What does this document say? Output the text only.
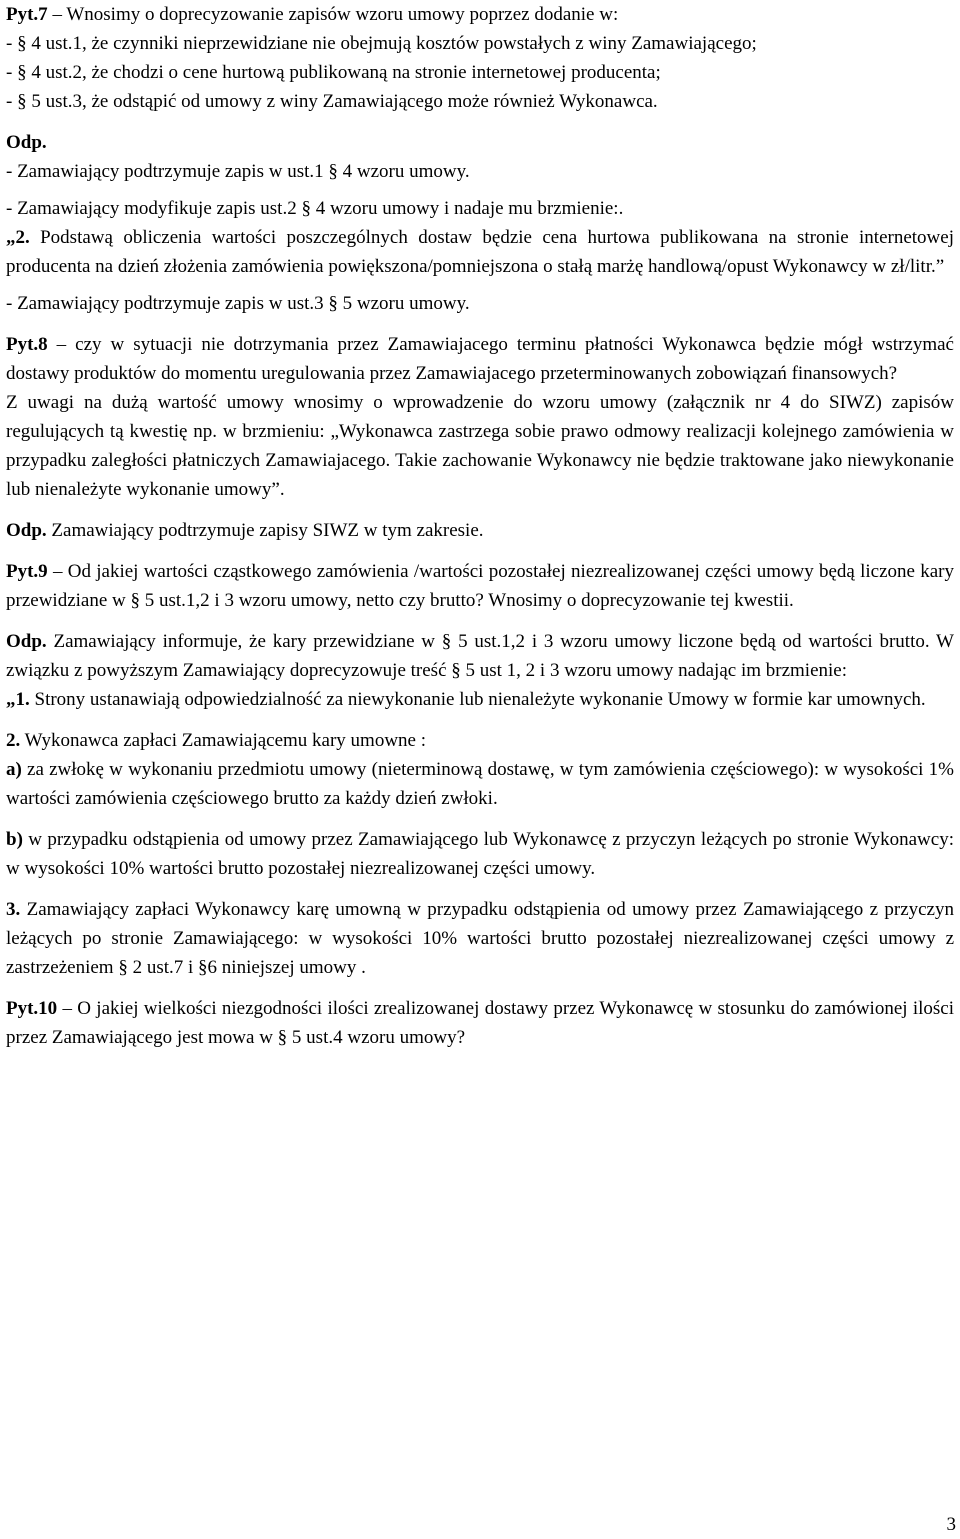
Pyt.7 – Wnosimy o doprecyzowanie zapisów wzoru umowy poprzez dodanie w:

- § 4 ust.1, że czynniki nieprzewidziane nie obejmują kosztów powstałych z winy Zamawiającego;

- § 4 ust.2, że chodzi o cene hurtową publikowaną na stronie internetowej producenta;

- § 5 ust.3, że odstąpić od umowy z winy Zamawiającego może również Wykonawca.

Odp.

- Zamawiający podtrzymuje zapis w ust.1 § 4 wzoru umowy.

- Zamawiający modyfikuje zapis ust.2 § 4 wzoru umowy i nadaje mu brzmienie:.

„2. Podstawą obliczenia wartości poszczególnych dostaw będzie cena hurtowa publikowana na stronie internetowej producenta na dzień złożenia zamówienia powiększona/pomniejszona o stałą marżę handlową/opust Wykonawcy w zł/litr.”

- Zamawiający podtrzymuje zapis w ust.3 § 5 wzoru umowy.

Pyt.8 – czy w sytuacji nie dotrzymania przez Zamawiajacego terminu płatności Wykonawca będzie mógł wstrzymać dostawy produktów do momentu uregulowania przez Zamawiajacego przeterminowanych zobowiązań finansowych?

Z uwagi na dużą wartość umowy wnosimy o wprowadzenie do wzoru umowy (załącznik nr 4 do SIWZ) zapisów regulujących tą kwestię np. w brzmieniu: „Wykonawca zastrzega sobie prawo odmowy realizacji kolejnego zamówienia w przypadku zaległości płatniczych Zamawiajacego. Takie zachowanie Wykonawcy nie będzie traktowane jako niewykonanie lub nienależyte wykonanie umowy”.

Odp. Zamawiający podtrzymuje zapisy SIWZ w tym zakresie.

Pyt.9 – Od jakiej wartości cząstkowego zamówienia /wartości pozostałej niezrealizowanej części umowy będą liczone kary przewidziane w § 5 ust.1,2 i 3 wzoru umowy, netto czy brutto? Wnosimy o doprecyzowanie tej kwestii.

Odp. Zamawiający informuje, że kary przewidziane w § 5 ust.1,2 i 3 wzoru umowy liczone będą od wartości brutto. W związku z powyższym Zamawiający doprecyzowuje treść § 5 ust 1, 2 i 3 wzoru umowy nadając im brzmienie:

„1. Strony ustanawiają odpowiedzialność za niewykonanie lub nienależyte wykonanie Umowy w formie kar umownych.

2. Wykonawca zapłaci Zamawiającemu kary umowne :

a) za zwłokę w wykonaniu przedmiotu umowy (nieterminową dostawę, w tym zamówienia częściowego): w wysokości 1% wartości zamówienia częściowego brutto za każdy dzień zwłoki.

b) w przypadku odstąpienia od umowy przez Zamawiającego lub Wykonawcę z przyczyn leżących po stronie Wykonawcy: w wysokości 10% wartości brutto pozostałej niezrealizowanej części umowy.

3. Zamawiający zapłaci Wykonawcy karę umowną w przypadku odstąpienia od umowy przez Zamawiającego z przyczyn leżących po stronie Zamawiającego: w wysokości 10% wartości brutto pozostałej niezrealizowanej części umowy z zastrzeżeniem § 2 ust.7 i §6 niniejszej umowy .

Pyt.10 – O jakiej wielkości niezgodności ilości zrealizowanej dostawy przez Wykonawcę w stosunku do zamówionej ilości przez Zamawiającego jest mowa w § 5 ust.4 wzoru umowy?

3
